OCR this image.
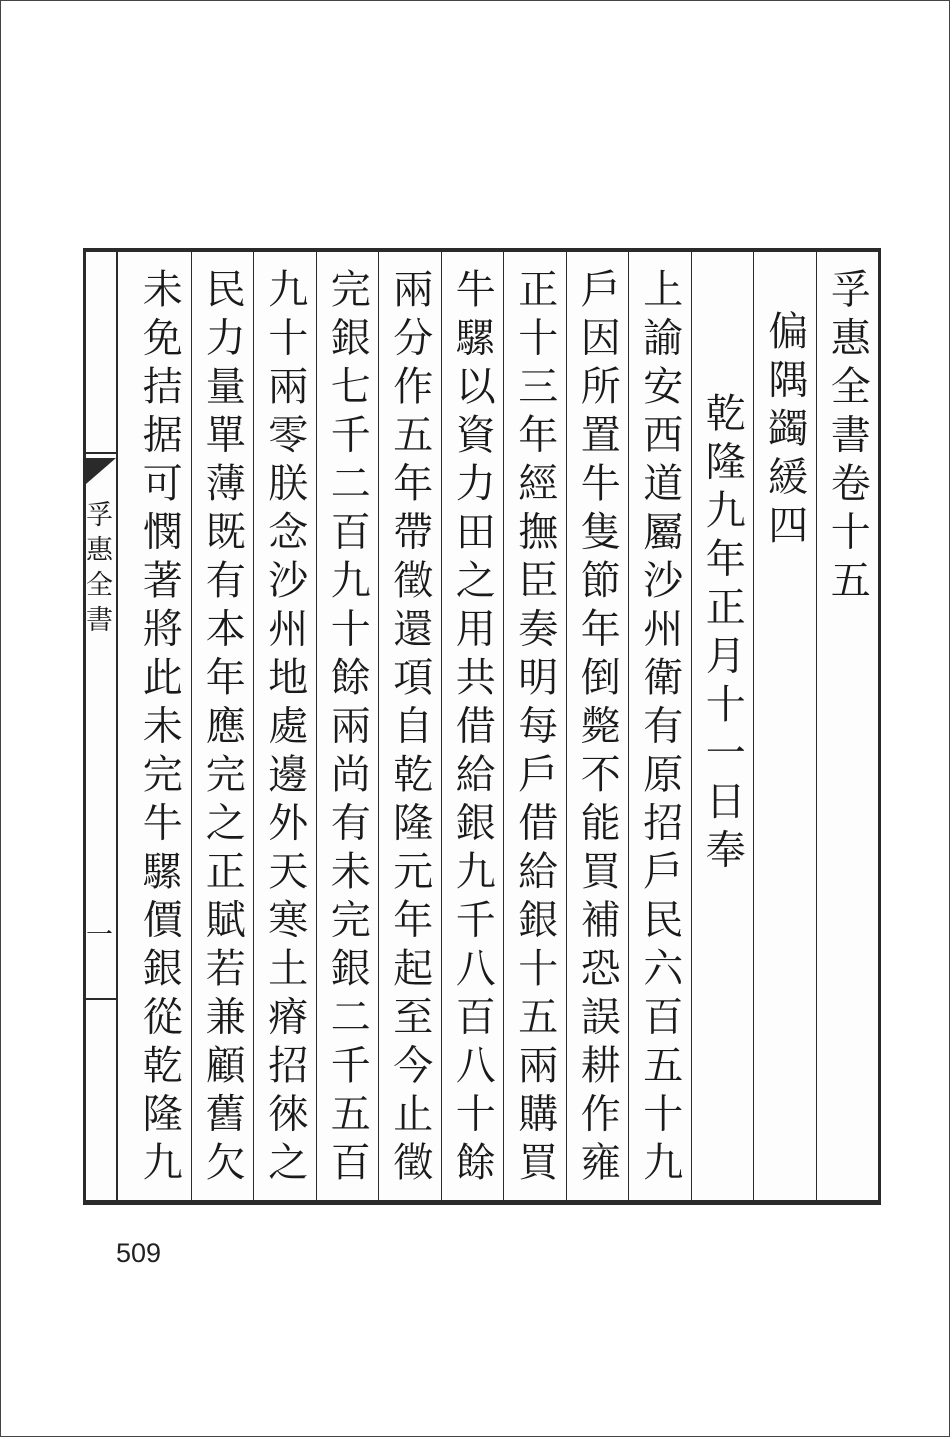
孚惠全書
一
孚惠全書卷十五
偏隅蠲緩四
乾隆九年正月十一日奉
上諭安西道屬沙州衛有原招戶民六百五十九
戶因所置牛隻節年倒斃不能買補恐誤耕作雍
正十三年經撫臣奏明每戶借給銀十五兩購買
牛騾以資力田之用共借給銀九千八百八十餘
兩分作五年帶徵還項自乾隆元年起至今止徵
完銀七千二百九十餘兩尚有未完銀二千五百
九十兩零朕念沙州地處邊外天寒土瘠招徠之
民力量單薄既有本年應完之正賦若兼顧舊欠
未免拮据可憫著將此未完牛騾價銀從乾隆九
509
